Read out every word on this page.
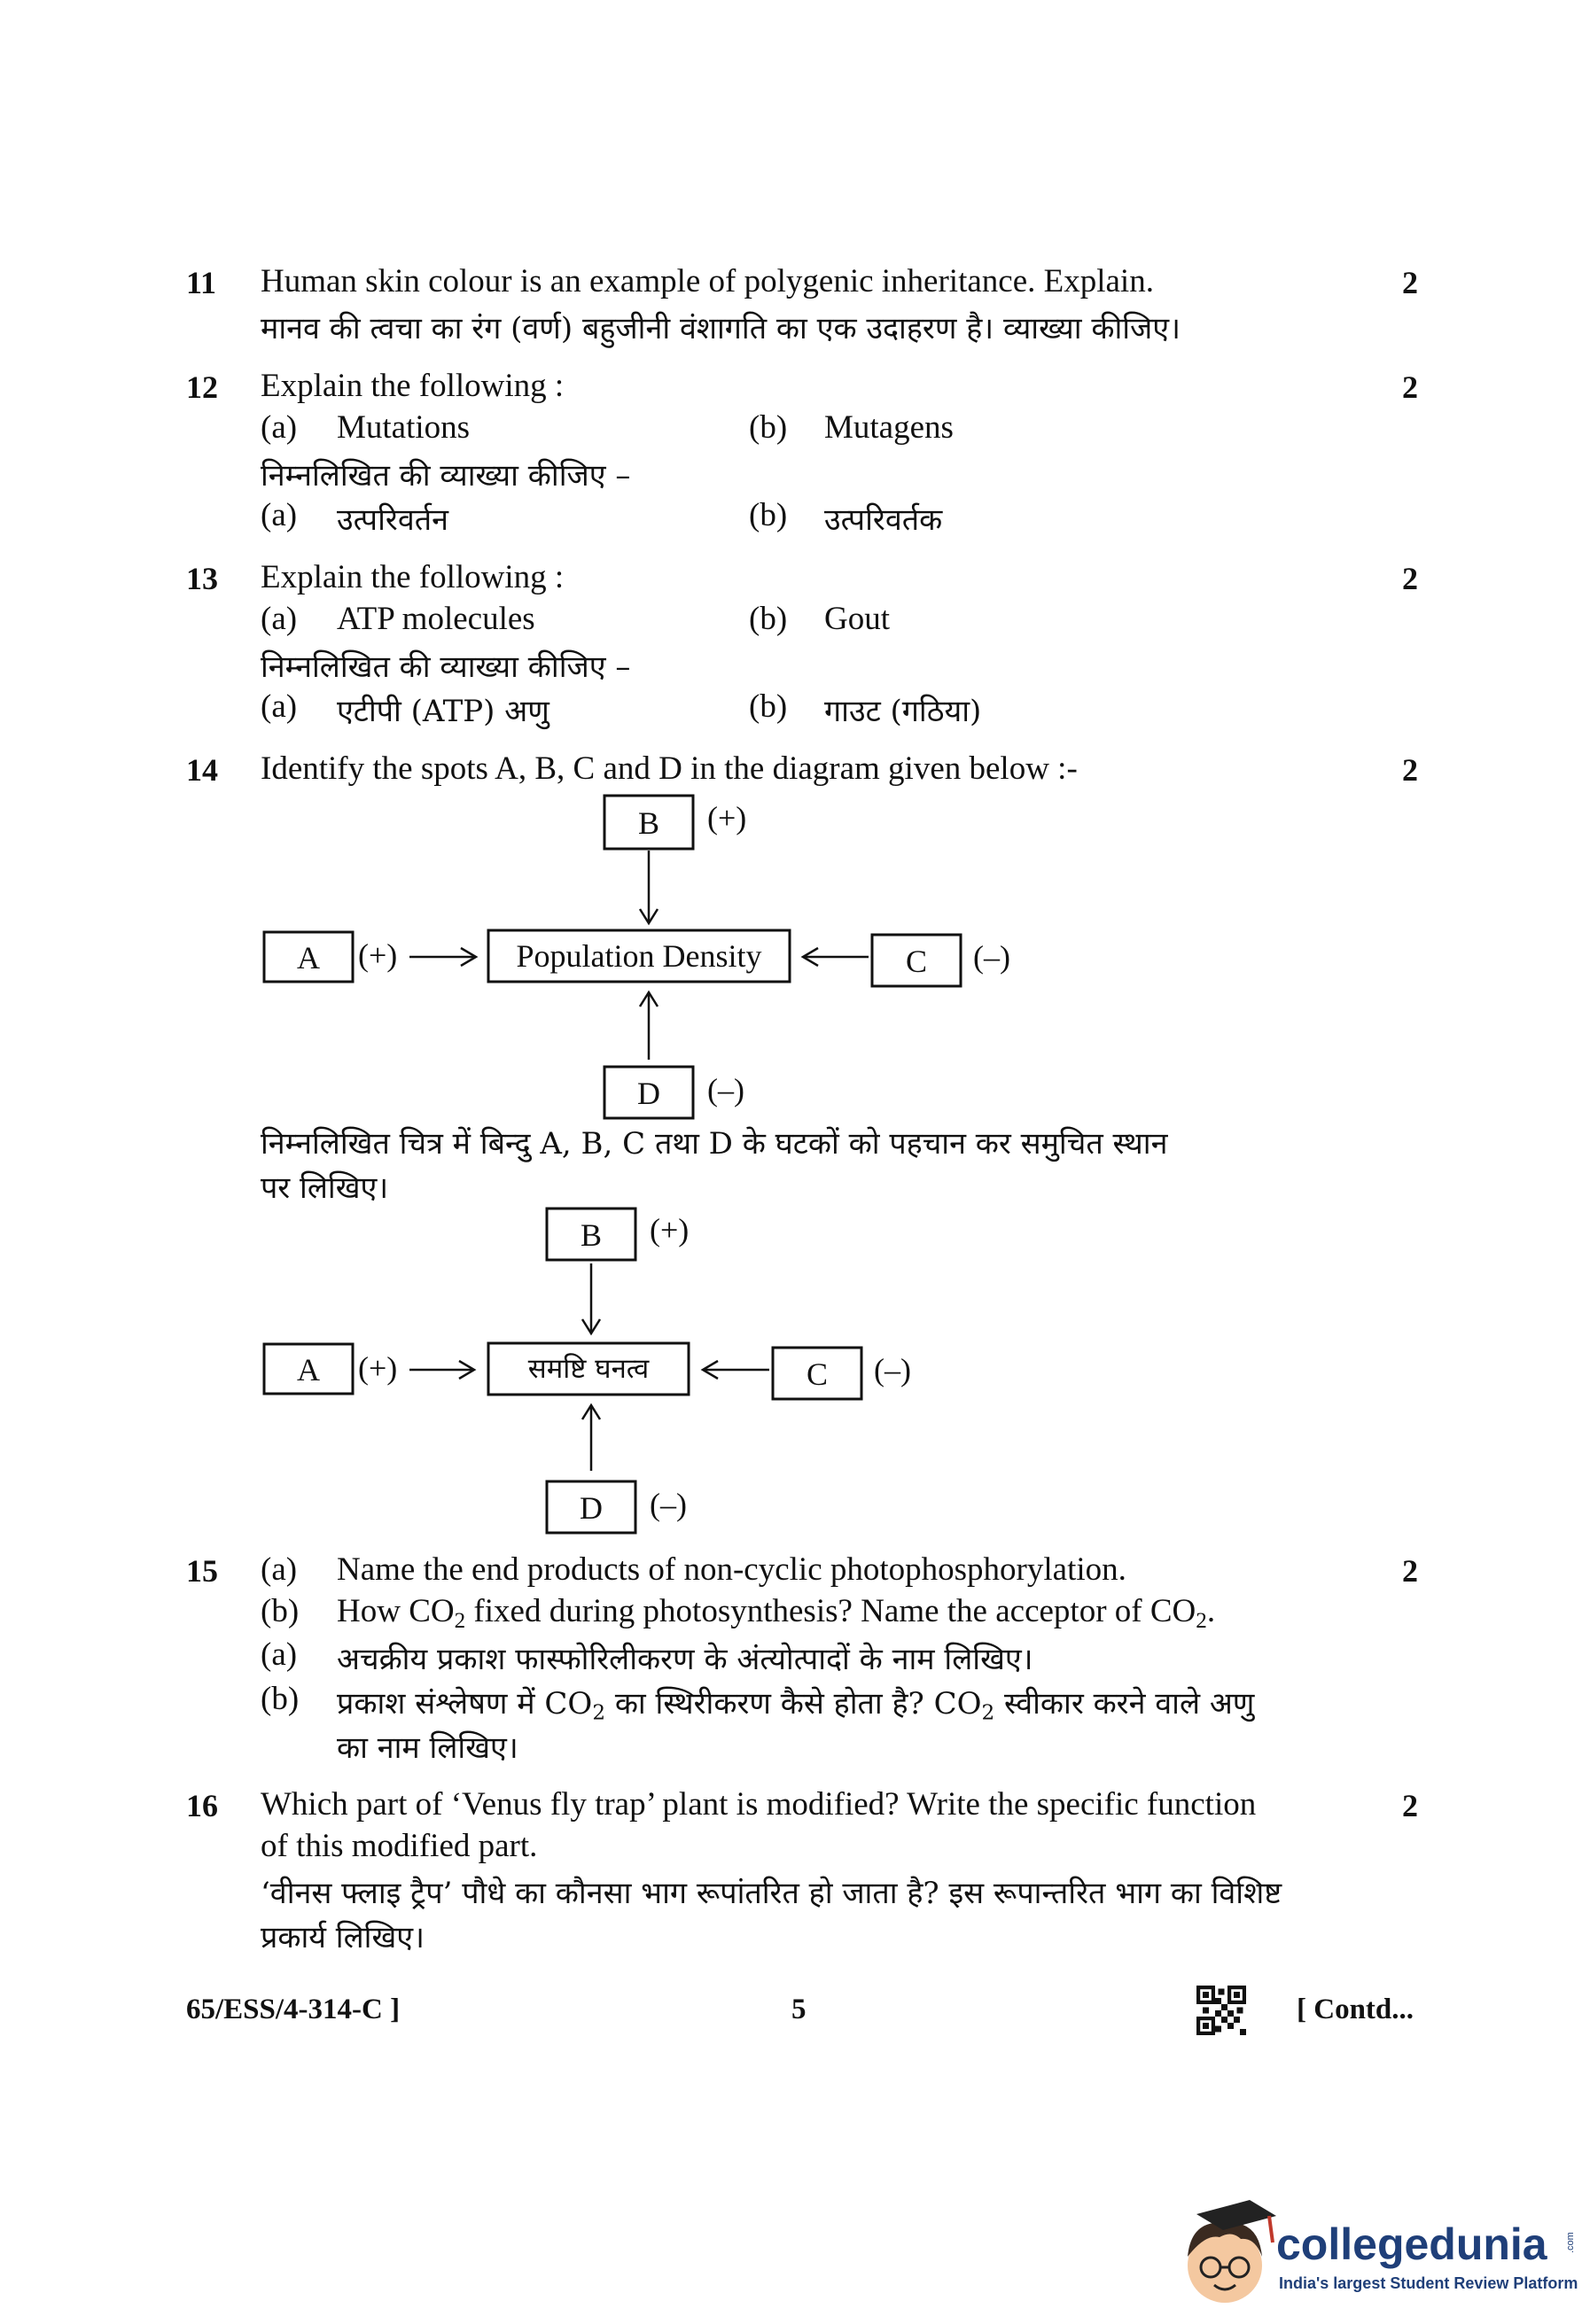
11 Human skin colour is an example of polygenic inheritance. Explain.	2
मानव की त्वचा का रंग (वर्ण) बहुजीनी वंशागति का एक उदाहरण है। व्याख्या कीजिए।
12 Explain the following :	2
(a) Mutations	(b) Mutagens
निम्नलिखित की व्याख्या कीजिए –
(a) उत्परिवर्तन	(b) उत्परिवर्तक
13 Explain the following :	2
(a) ATP molecules	(b) Gout
निम्नलिखित की व्याख्या कीजिए –
(a) एटीपी (ATP) अणु	(b) गाउट (गठिया)
14 Identify the spots A, B, C and D in the diagram given below :-	2
B (+)
A (+)	Population Density	C (–)
D (–)
B (+)
A (+)	समष्टि घनत्व	C (–)
D (–)
निम्नलिखित चित्र में बिन्दु A, B, C तथा D के घटकों को पहचान कर समुचित स्थान
पर लिखिए।
15 (a) Name the end products of non-cyclic photophosphorylation.	2
(b) How $CO_2$ fixed during photosynthesis? Name the acceptor of $CO_2$.
(a) अचक्रीय प्रकाश फास्फोरिलीकरण के अंत्योत्पादों के नाम लिखिए।
(b) प्रकाश संश्लेषण में $CO_2$ का स्थिरीकरण कैसे होता है? $CO_2$ स्वीकार करने वाले अणु
का नाम लिखिए।
16 Which part of ‘Venus fly trap’ plant is modified? Write the specific function	2
of this modified part.
‘वीनस फ्लाइ ट्रैप’ पौधे का कौनसा भाग रूपांतरित हो जाता है? इस रूपान्तरित भाग का विशिष्ट
प्रकार्य लिखिए।
65/ESS/4-314-C ]	5	[ Contd...
collegedunia .com
India's largest Student Review Platform
